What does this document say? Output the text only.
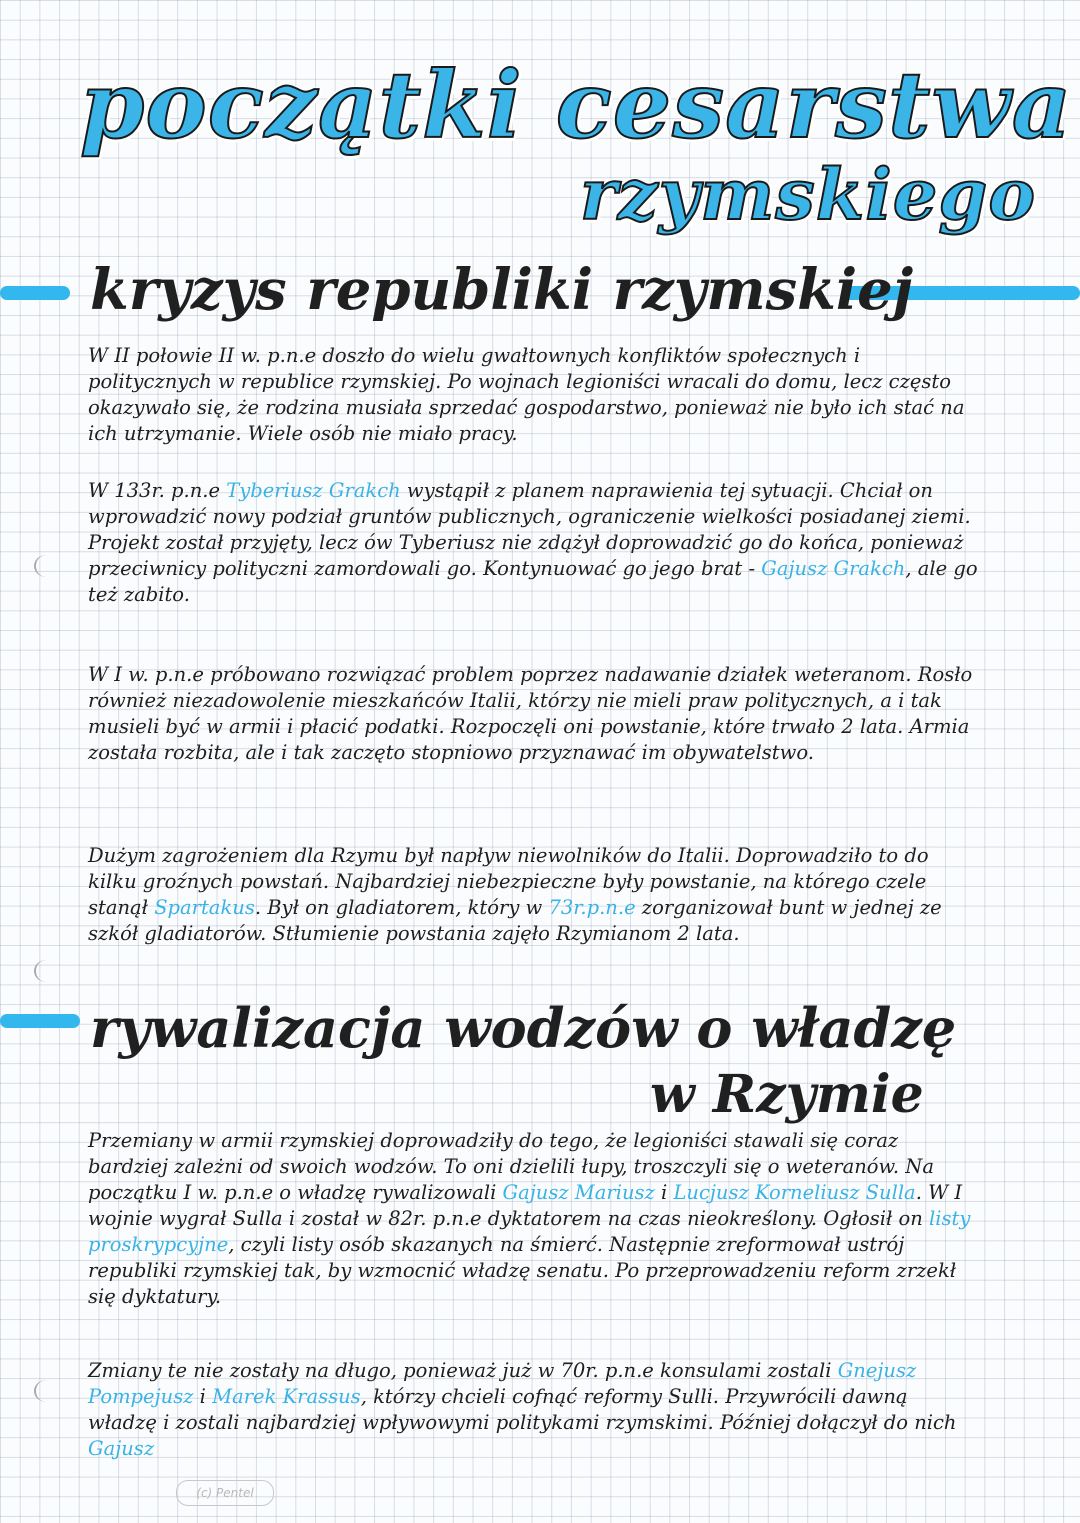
początki cesarstwa
rzymskiego
kryzys republiki rzymskiej
W II połowie II w. p.n.e doszło do wielu gwałtownych konfliktów społecznych i politycznych w republice rzymskiej. Po wojnach legioniści wracali do domu, lecz często okazywało się, że rodzina musiała sprzedać gospodarstwo, ponieważ nie było ich stać na ich utrzymanie. Wiele osób nie miało pracy.
W 133r. p.n.e Tyberiusz Grakch wystąpił z planem naprawienia tej sytuacji. Chciał on wprowadzić nowy podział gruntów publicznych, ograniczenie wielkości posiadanej ziemi. Projekt został przyjęty, lecz ów Tyberiusz nie zdążył doprowadzić go do końca, ponieważ przeciwnicy polityczni zamordowali go. Kontynuować go jego brat - Gajusz Grakch, ale go też zabito.
W I w. p.n.e próbowano rozwiązać problem poprzez nadawanie działek weteranom. Rosło również niezadowolenie mieszkańców Italii, którzy nie mieli praw politycznych, a i tak musieli być w armii i płacić podatki. Rozpoczęli oni powstanie, które trwało 2 lata. Armia została rozbita, ale i tak zaczęto stopniowo przyznawać im obywatelstwo.
Dużym zagrożeniem dla Rzymu był napływ niewolników do Italii. Doprowadziło to do kilku groźnych powstań. Najbardziej niebezpieczne były powstanie, na którego czele stanął Spartakus. Był on gladiatorem, który w 73r.p.n.e zorganizował bunt w jednej ze szkół gladiatorów. Stłumienie powstania zajęło Rzymianom 2 lata.
rywalizacja wodzów o władzę
w Rzymie
Przemiany w armii rzymskiej doprowadziły do tego, że legioniści stawali się coraz bardziej zależni od swoich wodzów. To oni dzielili łupy, troszczyli się o weteranów. Na początku I w. p.n.e o władzę rywalizowali Gajusz Mariusz i Lucjusz Korneliusz Sulla. W I wojnie wygrał Sulla i został w 82r. p.n.e dyktatorem na czas nieokreślony. Ogłosił on listy proskrypcyjne, czyli listy osób skazanych na śmierć. Następnie zreformował ustrój republiki rzymskiej tak, by wzmocnić władzę senatu. Po przeprowadzeniu reform zrzekł się dyktatury.
Zmiany te nie zostały na długo, ponieważ już w 70r. p.n.e konsulami zostali Gnejusz Pompejusz i Marek Krassus, którzy chcieli cofnąć reformy Sulli. Przywrócili dawną władzę i zostali najbardziej wpływowymi politykami rzymskimi. Później dołączył do nich Gajusz
(c) Pentel
